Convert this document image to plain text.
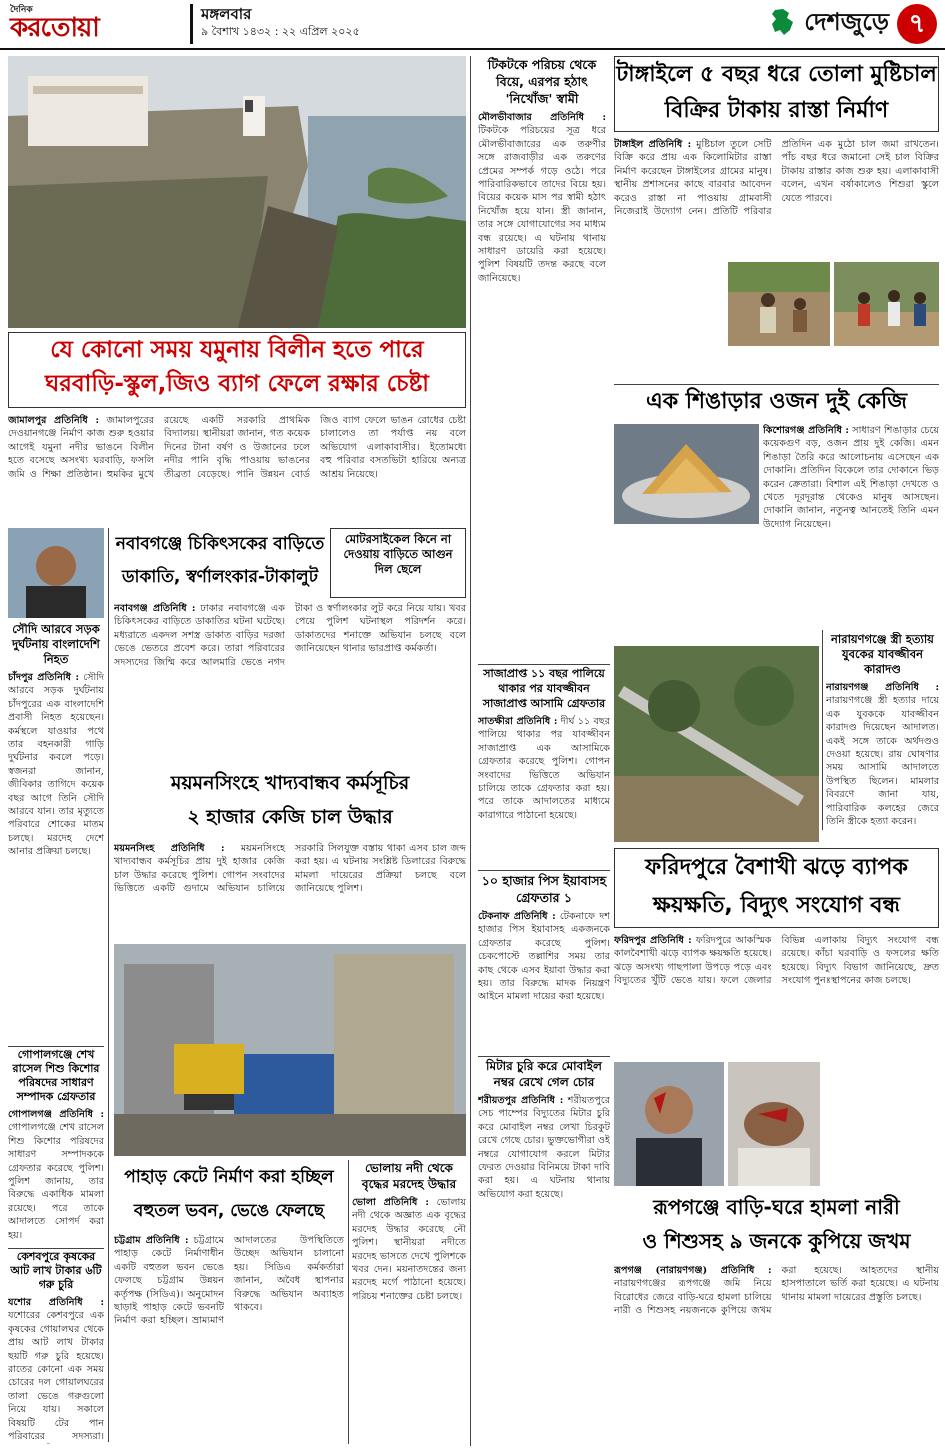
দৈনিক
করতোয়া	মঙ্গলবার
৯ বৈশাখ ১৪৩২ : ২২ এপ্রিল ২০২৫	দেশজুড়ে ৭
যে কোনো সময় যমুনায় বিলীন হতে পারে
ঘরবাড়ি-স্কুল,জিও ব্যাগ ফেলে রক্ষার চেষ্টা

জামালপুর প্রতিনিধি : জামালপুরের দেওয়ানগঞ্জে নির্মাণ কাজ শুরু হওয়ার আগেই যমুনা নদীর ভাঙনে বিলীন হতে বসেছে অসংখ্য ঘরবাড়ি, ফসলি জমি ও শিক্ষা প্রতিষ্ঠান। হুমকির মুখে রয়েছে একটি সরকারি প্রাথমিক বিদ্যালয়। স্থানীয়রা জানান, গত কয়েক দিনের টানা বর্ষণ ও উজানের ঢলে নদীর পানি বৃদ্ধি পাওয়ায় ভাঙনের তীব্রতা বেড়েছে। পানি উন্নয়ন বোর্ড জিও ব্যাগ ফেলে ভাঙন রোধের চেষ্টা চালালেও তা পর্যাপ্ত নয় বলে অভিযোগ এলাকাবাসীর। ইতোমধ্যে বহু পরিবার বসতভিটা হারিয়ে অন্যত্র আশ্রয় নিয়েছে।

টিকটকে পরিচয় থেকে বিয়ে, এরপর হঠাৎ 'নিখোঁজ' স্বামী

মৌলভীবাজার প্রতিনিধি : টিকটকে পরিচয়ের সূত্র ধরে মৌলভীবাজারের এক তরুণীর সঙ্গে রাজবাড়ীর এক তরুণের প্রেমের সম্পর্ক গড়ে ওঠে। পরে পারিবারিকভাবে তাদের বিয়ে হয়। বিয়ের কয়েক মাস পর স্বামী হঠাৎ নিখোঁজ হয়ে যান। স্ত্রী জানান, তার সঙ্গে যোগাযোগের সব মাধ্যম বন্ধ রয়েছে। এ ঘটনায় থানায় সাধারণ ডায়েরি করা হয়েছে। পুলিশ বিষয়টি তদন্ত করছে বলে জানিয়েছে।

টাঙ্গাইলে ৫ বছর ধরে তোলা মুষ্টিচাল
বিক্রির টাকায় রাস্তা নির্মাণ

টাঙ্গাইল প্রতিনিধি : মুষ্টিচাল তুলে সেটি বিক্রি করে প্রায় এক কিলোমিটার রাস্তা নির্মাণ করেছেন টাঙ্গাইলের গ্রামের মানুষ। স্থানীয় প্রশাসনের কাছে বারবার আবেদন করেও রাস্তা না পাওয়ায় গ্রামবাসী নিজেরাই উদ্যোগ নেন। প্রতিটি পরিবার প্রতিদিন এক মুঠো চাল জমা রাখতেন। পাঁচ বছর ধরে জমানো সেই চাল বিক্রির টাকায় রাস্তার কাজ শুরু হয়। এলাকাবাসী বলেন, এখন বর্ষাকালেও শিশুরা স্কুলে যেতে পারবে।

এক শিঙাড়ার ওজন দুই কেজি

কিশোরগঞ্জ প্রতিনিধি : সাধারণ শিঙাড়ার চেয়ে কয়েকগুণ বড়, ওজন প্রায় দুই কেজি। এমন শিঙাড়া তৈরি করে আলোচনায় এসেছেন এক দোকানি। প্রতিদিন বিকেলে তার দোকানে ভিড় করেন ক্রেতারা। বিশাল এই শিঙাড়া দেখতে ও খেতে দূরদূরান্ত থেকেও মানুষ আসছেন। দোকানি জানান, নতুনত্ব আনতেই তিনি এমন উদ্যোগ নিয়েছেন।

নারায়ণগঞ্জে স্ত্রী হত্যায় যুবকের যাবজ্জীবন কারাদণ্ড

নারায়ণগঞ্জ প্রতিনিধি : নারায়ণগঞ্জে স্ত্রী হত্যার দায়ে এক যুবককে যাবজ্জীবন কারাদণ্ড দিয়েছেন আদালত। একই সঙ্গে তাকে অর্থদণ্ডও দেওয়া হয়েছে। রায় ঘোষণার সময় আসামি আদালতে উপস্থিত ছিলেন। মামলার বিবরণে জানা যায়, পারিবারিক কলহের জেরে তিনি স্ত্রীকে হত্যা করেন।

সাজাপ্রাপ্ত ১১ বছর পালিয়ে থাকার পর যাবজ্জীবন সাজাপ্রাপ্ত আসামি গ্রেফতার

সাতক্ষীরা প্রতিনিধি : দীর্ঘ ১১ বছর পালিয়ে থাকার পর যাবজ্জীবন সাজাপ্রাপ্ত এক আসামিকে গ্রেফতার করেছে পুলিশ। গোপন সংবাদের ভিত্তিতে অভিযান চালিয়ে তাকে গ্রেফতার করা হয়। পরে তাকে আদালতের মাধ্যমে কারাগারে পাঠানো হয়েছে।

১০ হাজার পিস ইয়াবাসহ গ্রেফতার ১

টেকনাফ প্রতিনিধি : টেকনাফে দশ হাজার পিস ইয়াবাসহ একজনকে গ্রেফতার করেছে পুলিশ। চেকপোস্টে তল্লাশির সময় তার কাছ থেকে এসব ইয়াবা উদ্ধার করা হয়। তার বিরুদ্ধে মাদক নিয়ন্ত্রণ আইনে মামলা দায়ের করা হয়েছে।

ফরিদপুরে বৈশাখী ঝড়ে ব্যাপক
ক্ষয়ক্ষতি, বিদ্যুৎ সংযোগ বন্ধ

ফরিদপুর প্রতিনিধি : ফরিদপুরে আকস্মিক কালবৈশাখী ঝড়ে ব্যাপক ক্ষয়ক্ষতি হয়েছে। ঝড়ে অসংখ্য গাছপালা উপড়ে পড়ে এবং বিদ্যুতের খুঁটি ভেঙে যায়। ফলে জেলার বিভিন্ন এলাকায় বিদ্যুৎ সংযোগ বন্ধ রয়েছে। কাঁচা ঘরবাড়ি ও ফসলের ক্ষতি হয়েছে। বিদ্যুৎ বিভাগ জানিয়েছে, দ্রুত সংযোগ পুনঃস্থাপনের কাজ চলছে।

মিটার চুরি করে মোবাইল নম্বর রেখে গেল চোর

শরীয়তপুর প্রতিনিধি : শরীয়তপুরে সেচ পাম্পের বিদ্যুতের মিটার চুরি করে মোবাইল নম্বর লেখা চিরকুট রেখে গেছে চোর। ভুক্তভোগীরা ওই নম্বরে যোগাযোগ করলে মিটার ফেরত দেওয়ার বিনিময়ে টাকা দাবি করা হয়। এ ঘটনায় থানায় অভিযোগ করা হয়েছে।

রূপগঞ্জে বাড়ি-ঘরে হামলা নারী
ও শিশুসহ ৯ জনকে কুপিয়ে জখম

রূপগঞ্জ (নারায়ণগঞ্জ) প্রতিনিধি : নারায়ণগঞ্জের রূপগঞ্জে জমি নিয়ে বিরোধের জেরে বাড়ি-ঘরে হামলা চালিয়ে নারী ও শিশুসহ নয়জনকে কুপিয়ে জখম করা হয়েছে। আহতদের স্থানীয় হাসপাতালে ভর্তি করা হয়েছে। এ ঘটনায় থানায় মামলা দায়েরের প্রস্তুতি চলছে।

সৌদি আরবে সড়ক দুর্ঘটনায় বাংলাদেশি নিহত

চাঁদপুর প্রতিনিধি : সৌদি আরবে সড়ক দুর্ঘটনায় চাঁদপুরের এক বাংলাদেশি প্রবাসী নিহত হয়েছেন। কর্মস্থলে যাওয়ার পথে তার বহনকারী গাড়ি দুর্ঘটনার কবলে পড়ে। স্বজনরা জানান, জীবিকার তাগিদে কয়েক বছর আগে তিনি সৌদি আরবে যান। তার মৃত্যুতে পরিবারে শোকের মাতম চলছে। মরদেহ দেশে আনার প্রক্রিয়া চলছে।

গোপালগঞ্জে শেখ রাসেল শিশু কিশোর পরিষদের সাধারণ সম্পাদক গ্রেফতার

গোপালগঞ্জ প্রতিনিধি : গোপালগঞ্জে শেখ রাসেল শিশু কিশোর পরিষদের সাধারণ সম্পাদককে গ্রেফতার করেছে পুলিশ। পুলিশ জানায়, তার বিরুদ্ধে একাধিক মামলা রয়েছে। পরে তাকে আদালতে সোপর্দ করা হয়।

কেশবপুরে কৃষকের আট লাখ টাকার ৬টি গরু চুরি

যশোর প্রতিনিধি : যশোরের কেশবপুরে এক কৃষকের গোয়ালঘর থেকে প্রায় আট লাখ টাকার ছয়টি গরু চুরি হয়েছে। রাতের কোনো এক সময় চোরের দল গোয়ালঘরের তালা ভেঙে গরুগুলো নিয়ে যায়। সকালে বিষয়টি টের পান পরিবারের সদস্যরা।

নবাবগঞ্জে চিকিৎসকের বাড়িতে
ডাকাতি, স্বর্ণালংকার-টাকালুট

নবাবগঞ্জ প্রতিনিধি : ঢাকার নবাবগঞ্জে এক চিকিৎসকের বাড়িতে ডাকাতির ঘটনা ঘটেছে। মধ্যরাতে একদল সশস্ত্র ডাকাত বাড়ির দরজা ভেঙে ভেতরে প্রবেশ করে। তারা পরিবারের সদস্যদের জিম্মি করে আলমারি ভেঙে নগদ টাকা ও স্বর্ণালংকার লুট করে নিয়ে যায়। খবর পেয়ে পুলিশ ঘটনাস্থল পরিদর্শন করে। ডাকাতদের শনাক্তে অভিযান চলছে বলে জানিয়েছেন থানার ভারপ্রাপ্ত কর্মকর্তা।

মোটরসাইকেল কিনে না দেওয়ায় বাড়িতে আগুন দিল ছেলে
ময়মনসিংহে খাদ্যবান্ধব কর্মসূচির
২ হাজার কেজি চাল উদ্ধার

ময়মনসিংহ প্রতিনিধি : ময়মনসিংহে খাদ্যবান্ধব কর্মসূচির প্রায় দুই হাজার কেজি চাল উদ্ধার করেছে পুলিশ। গোপন সংবাদের ভিত্তিতে একটি গুদামে অভিযান চালিয়ে সরকারি সিলযুক্ত বস্তায় থাকা এসব চাল জব্দ করা হয়। এ ঘটনায় সংশ্লিষ্ট ডিলারের বিরুদ্ধে মামলা দায়েরের প্রক্রিয়া চলছে বলে জানিয়েছে পুলিশ।

পাহাড় কেটে নির্মাণ করা হচ্ছিল
বহুতল ভবন, ভেঙে ফেলছে

চট্টগ্রাম প্রতিনিধি : চট্টগ্রামে পাহাড় কেটে নির্মাণাধীন একটি বহুতল ভবন ভেঙে ফেলছে চট্টগ্রাম উন্নয়ন কর্তৃপক্ষ (সিডিএ)। অনুমোদন ছাড়াই পাহাড় কেটে ভবনটি নির্মাণ করা হচ্ছিল। ভ্রাম্যমাণ আদালতের উপস্থিতিতে উচ্ছেদ অভিযান চালানো হয়। সিডিএ কর্মকর্তারা জানান, অবৈধ স্থাপনার বিরুদ্ধে অভিযান অব্যাহত থাকবে।

ভোলায় নদী থেকে বৃদ্ধের মরদেহ উদ্ধার

ভোলা প্রতিনিধি : ভোলায় নদী থেকে অজ্ঞাত এক বৃদ্ধের মরদেহ উদ্ধার করেছে নৌ পুলিশ। স্থানীয়রা নদীতে মরদেহ ভাসতে দেখে পুলিশকে খবর দেন। ময়নাতদন্তের জন্য মরদেহ মর্গে পাঠানো হয়েছে। পরিচয় শনাক্তের চেষ্টা চলছে।
